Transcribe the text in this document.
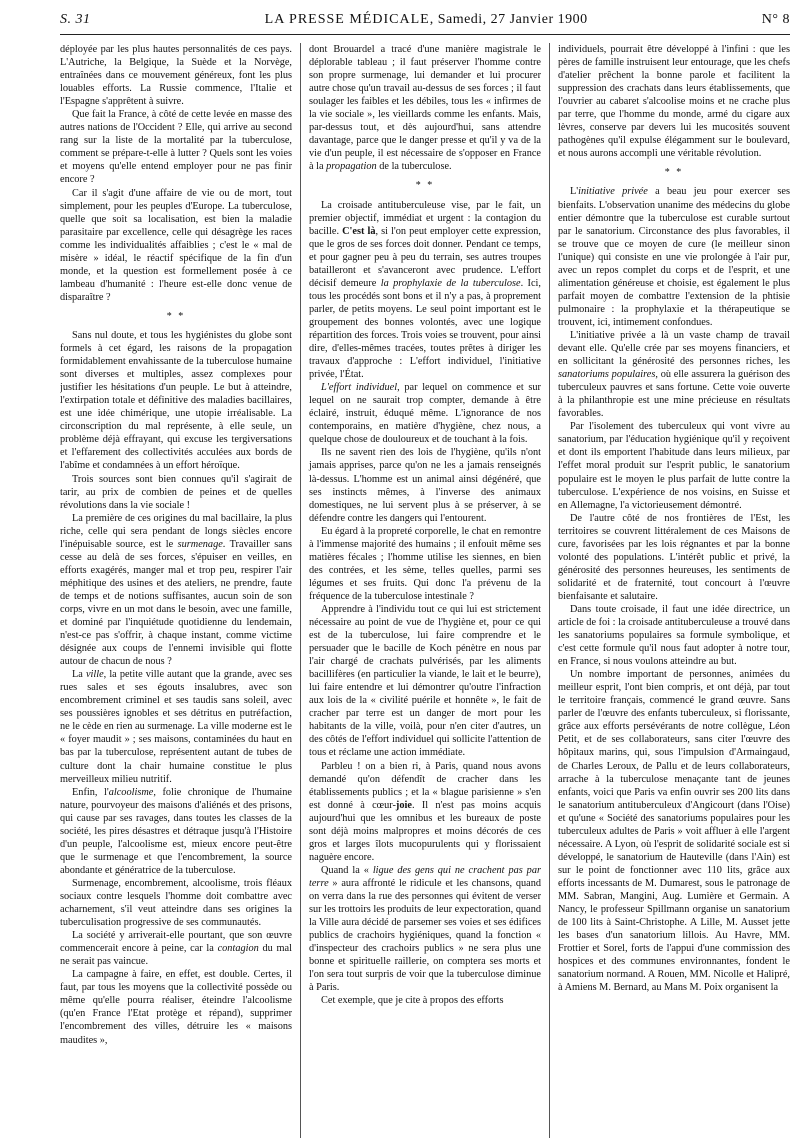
S. 31	LA PRESSE MÉDICALE, Samedi, 27 Janvier 1900	N° 8

déployée par les plus hautes personnalités de ces pays. L'Autriche, la Belgique, la Suède et la Norvège, entraînées dans ce mouvement généreux, font les plus louables efforts. La Russie commence, l'Italie et l'Espagne s'apprêtent à suivre.

Que fait la France, à côté de cette levée en masse des autres nations de l'Occident ? Elle, qui arrive au second rang sur la liste de la mortalité par la tuberculose, comment se prépare-t-elle à lutter ? Quels sont les voies et moyens qu'elle entend employer pour ne pas finir encore ?

Car il s'agit d'une affaire de vie ou de mort, tout simplement, pour les peuples d'Europe. La tuberculose, quelle que soit sa localisation, est bien la maladie parasitaire par excellence, celle qui désagrège les races comme les individualités affaiblies ; c'est le « mal de misère » idéal, le réactif spécifique de la fin d'un monde, et la question est formellement posée à ce lambeau d'humanité : l'heure est-elle donc venue de disparaître ?

* *

Sans nul doute, et tous les hygiénistes du globe sont formels à cet égard, les raisons de la propagation formidablement envahissante de la tuberculose humaine sont diverses et multiples, assez complexes pour justifier les hésitations d'un peuple. Le but à atteindre, l'extirpation totale et définitive des maladies bacillaires, est une idée chimérique, une utopie irréalisable. La circonscription du mal représente, à elle seule, un problème déjà effrayant, qui excuse les tergiversations et l'effarement des collectivités acculées aux bords de l'abîme et condamnées à un effort héroïque.

Trois sources sont bien connues qu'il s'agirait de tarir, au prix de combien de peines et de quelles révolutions dans la vie sociale !

La première de ces origines du mal bacillaire, la plus riche, celle qui sera pendant de longs siècles encore l'inépuisable source, est le surmenage. Travailler sans cesse au delà de ses forces, s'épuiser en veilles, en efforts exagérés, manger mal et trop peu, respirer l'air méphitique des usines et des ateliers, ne prendre, faute de temps et de notions suffisantes, aucun soin de son corps, vivre en un mot dans le besoin, avec une famille, et dominé par l'inquiétude quotidienne du lendemain, n'est-ce pas s'offrir, à chaque instant, comme victime désignée aux coups de l'ennemi invisible qui flotte autour de chacun de nous ?

La ville, la petite ville autant que la grande, avec ses rues sales et ses égouts insalubres, avec son encombrement criminel et ses taudis sans soleil, avec ses poussières ignobles et ses détritus en putréfaction, ne le cède en rien au surmenage. La ville moderne est le « foyer maudit » ; ses maisons, contaminées du haut en bas par la tuberculose, représentent autant de tubes de culture dont la chair humaine constitue le plus merveilleux milieu nutritif.

Enfin, l'alcoolisme, folie chronique de l'humaine nature, pourvoyeur des maisons d'aliénés et des prisons, qui cause par ses ravages, dans toutes les classes de la société, les pires désastres et détraque jusqu'à l'Histoire d'un peuple, l'alcoolisme est, mieux encore peut-être que le surmenage et que l'encombrement, la source abondante et génératrice de la tuberculose.

Surmenage, encombrement, alcoolisme, trois fléaux sociaux contre lesquels l'homme doit combattre avec acharnement, s'il veut atteindre dans ses origines la tuberculisation progressive de ses communautés.

La société y arriverait-elle pourtant, que son œuvre commencerait encore à peine, car la contagion du mal ne serait pas vaincue.

La campagne à faire, en effet, est double. Certes, il faut, par tous les moyens que la collectivité possède ou même qu'elle pourra réaliser, éteindre l'alcoolisme (qu'en France l'Etat protège et répand), supprimer l'encombrement des villes, détruire les « maisons maudites »,

dont Brouardel a tracé d'une manière magistrale le déplorable tableau ; il faut préserver l'homme contre son propre surmenage, lui demander et lui procurer autre chose qu'un travail au-dessus de ses forces ; il faut soulager les faibles et les débiles, tous les « infirmes de la vie sociale », les vieillards comme les enfants. Mais, par-dessus tout, et dès aujourd'hui, sans attendre davantage, parce que le danger presse et qu'il y va de la vie d'un peuple, il est nécessaire de s'opposer en France à la propagation de la tuberculose.

* *

La croisade antituberculeuse vise, par le fait, un premier objectif, immédiat et urgent : la contagion du bacille. C'est là, si l'on peut employer cette expression, que le gros de ses forces doit donner. Pendant ce temps, et pour gagner peu à peu du terrain, ses autres troupes batailleront et s'avanceront avec prudence. L'effort décisif demeure la prophylaxie de la tuberculose. Ici, tous les procédés sont bons et il n'y a pas, à proprement parler, de petits moyens. Le seul point important est le groupement des bonnes volontés, avec une logique répartition des forces. Trois voies se trouvent, pour ainsi dire, d'elles-mêmes tracées, toutes prêtes à diriger les travaux d'approche : L'effort individuel, l'initiative privée, l'État.

L'effort individuel, par lequel on commence et sur lequel on ne saurait trop compter, demande à être éclairé, instruit, éduqué même. L'ignorance de nos contemporains, en matière d'hygiène, chez nous, a quelque chose de douloureux et de touchant à la fois.

Ils ne savent rien des lois de l'hygiène, qu'ils n'ont jamais apprises, parce qu'on ne les a jamais renseignés là-dessus. L'homme est un animal ainsi dégénéré, que ses instincts mêmes, à l'inverse des animaux domestiques, ne lui servent plus à se préserver, à se défendre contre les dangers qui l'entourent.

Eu égard à la propreté corporelle, le chat en remontre à l'immense majorité des humains ; il enfouit même ses matières fécales ; l'homme utilise les siennes, en bien des contrées, et les sème, telles quelles, parmi ses légumes et ses fruits. Qui donc l'a prévenu de la fréquence de la tuberculose intestinale ?

Apprendre à l'individu tout ce qui lui est strictement nécessaire au point de vue de l'hygiène et, pour ce qui est de la tuberculose, lui faire comprendre et le persuader que le bacille de Koch pénètre en nous par l'air chargé de crachats pulvérisés, par les aliments bacillifères (en particulier la viande, le lait et le beurre), lui faire entendre et lui démontrer qu'outre l'infraction aux lois de la « civilité puérile et honnête », le fait de cracher par terre est un danger de mort pour les habitants de la ville, voilà, pour n'en citer d'autres, un des côtés de l'effort individuel qui sollicite l'attention de tous et réclame une action immédiate.

Parbleu ! on a bien ri, à Paris, quand nous avons demandé qu'on défendît de cracher dans les établissements publics ; et la « blague parisienne » s'en est donné à cœur-joie. Il n'est pas moins acquis aujourd'hui que les omnibus et les bureaux de poste sont déjà moins malpropres et moins décorés de ces gros et larges îlots mucopurulents qui y florissaient naguère encore.

Quand la « ligue des gens qui ne crachent pas par terre » aura affronté le ridicule et les chansons, quand on verra dans la rue des personnes qui évitent de verser sur les trottoirs les produits de leur expectoration, quand la Ville aura décidé de parsemer ses voies et ses édifices publics de crachoirs hygiéniques, quand la fonction « d'inspecteur des crachoirs publics » ne sera plus une bonne et spirituelle raillerie, on comptera ses morts et l'on sera tout surpris de voir que la tuberculose diminue à Paris.

Cet exemple, que je cite à propos des efforts

individuels, pourrait être développé à l'infini : que les pères de famille instruisent leur entourage, que les chefs d'atelier prêchent la bonne parole et facilitent la suppression des crachats dans leurs établissements, que l'ouvrier au cabaret s'alcoolise moins et ne crache plus par terre, que l'homme du monde, armé du cigare aux lèvres, conserve par devers lui les mucosités souvent pathogènes qu'il expulse élégamment sur le boulevard, et nous aurons accompli une véritable révolution.

* *

L'initiative privée a beau jeu pour exercer ses bienfaits. L'observation unanime des médecins du globe entier démontre que la tuberculose est curable surtout par le sanatorium. Circonstance des plus favorables, il se trouve que ce moyen de cure (le meilleur sinon l'unique) qui consiste en une vie prolongée à l'air pur, avec un repos complet du corps et de l'esprit, et une alimentation généreuse et choisie, est également le plus parfait moyen de combattre l'extension de la phtisie pulmonaire : la prophylaxie et la thérapeutique se trouvent, ici, intimement confondues.

L'initiative privée a là un vaste champ de travail devant elle. Qu'elle crée par ses moyens financiers, et en sollicitant la générosité des personnes riches, les sanatoriums populaires, où elle assurera la guérison des tuberculeux pauvres et sans fortune. Cette voie ouverte à la philanthropie est une mine précieuse en résultats favorables.

Par l'isolement des tuberculeux qui vont vivre au sanatorium, par l'éducation hygiénique qu'il y reçoivent et dont ils emportent l'habitude dans leurs milieux, par l'effet moral produit sur l'esprit public, le sanatorium populaire est le moyen le plus parfait de lutte contre la tuberculose. L'expérience de nos voisins, en Suisse et en Allemagne, l'a victorieusement démontré.

De l'autre côté de nos frontières de l'Est, les territoires se couvrent littéralement de ces Maisons de cure, favorisées par les lois régnantes et par la bonne volonté des populations. L'intérêt public et privé, la générosité des personnes heureuses, les sentiments de solidarité et de fraternité, tout concourt à l'œuvre bienfaisante et salutaire.

Dans toute croisade, il faut une idée directrice, un article de foi : la croisade antituberculeuse a trouvé dans les sanatoriums populaires sa formule symbolique, et c'est cette formule qu'il nous faut adopter à notre tour, en France, si nous voulons atteindre au but.

Un nombre important de personnes, animées du meilleur esprit, l'ont bien compris, et ont déjà, par tout le territoire français, commencé le grand œuvre. Sans parler de l'œuvre des enfants tuberculeux, si florissante, grâce aux efforts persévérants de notre collègue, Léon Petit, et de ses collaborateurs, sans citer l'œuvre des hôpitaux marins, qui, sous l'impulsion d'Armaingaud, de Charles Leroux, de Pallu et de leurs collaborateurs, arrache à la tuberculose menaçante tant de jeunes enfants, voici que Paris va enfin ouvrir ses 200 lits dans le sanatorium antituberculeux d'Angicourt (dans l'Oise) et qu'une « Société des sanatoriums populaires pour les tuberculeux adultes de Paris » voit affluer à elle l'argent nécessaire. A Lyon, où l'esprit de solidarité sociale est si développé, le sanatorium de Hauteville (dans l'Ain) est sur le point de fonctionner avec 110 lits, grâce aux efforts incessants de M. Dumarest, sous le patronage de MM. Sabran, Mangini, Aug. Lumière et Germain. A Nancy, le professeur Spillmann organise un sanatorium de 100 lits à Saint-Christophe. A Lille, M. Ausset jette les bases d'un sanatorium lillois. Au Havre, MM. Frottier et Sorel, forts de l'appui d'une commission des hospices et des communes environnantes, fondent le sanatorium normand. A Rouen, MM. Nicolle et Halipré, à Amiens M. Bernard, au Mans M. Poix organisent la
